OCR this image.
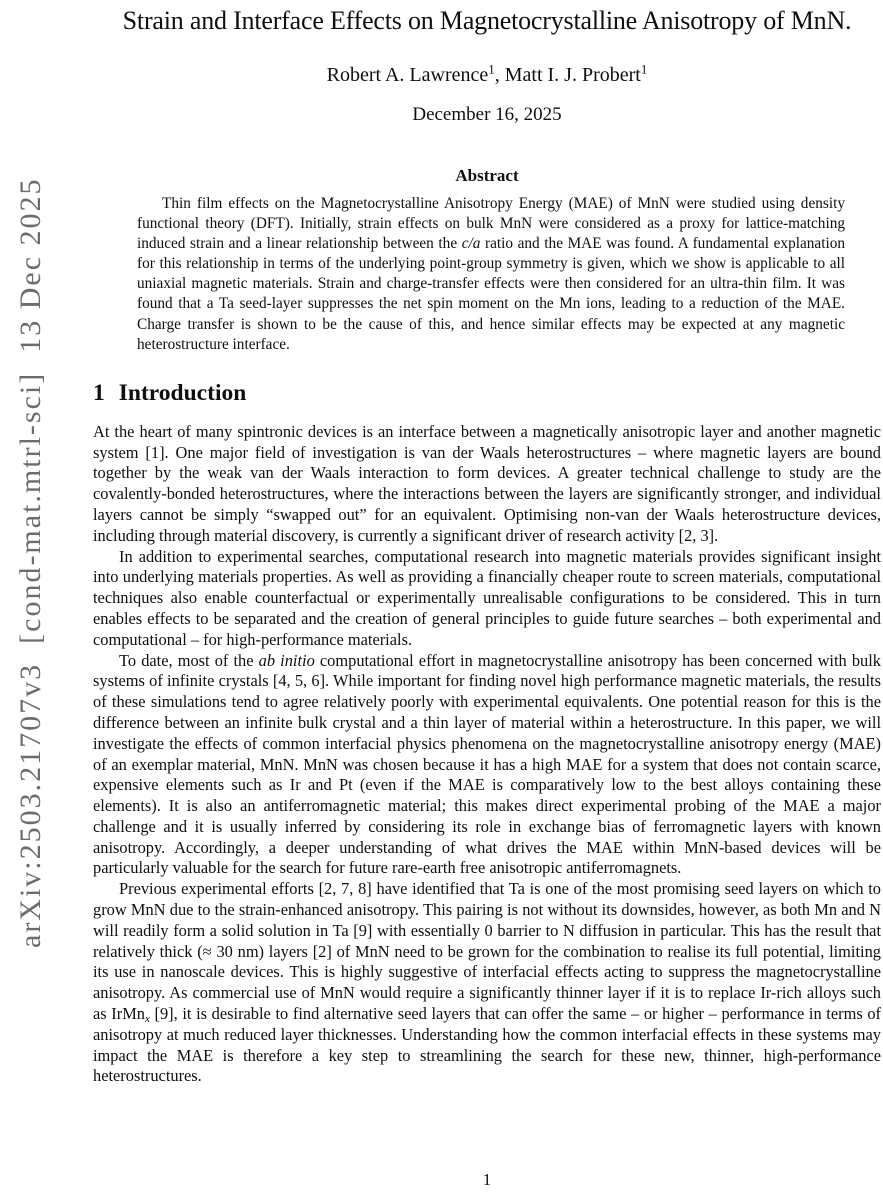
arXiv:2503.21707v3  [cond-mat.mtrl-sci]  13 Dec 2025
Strain and Interface Effects on Magnetocrystalline Anisotropy of MnN.
Robert A. Lawrence$^1$, Matt I. J. Probert$^1$
December 16, 2025
Abstract
Thin film effects on the Magnetocrystalline Anisotropy Energy (MAE) of MnN were studied using density functional theory (DFT). Initially, strain effects on bulk MnN were considered as a proxy for lattice-matching induced strain and a linear relationship between the c/a ratio and the MAE was found. A fundamental explanation for this relationship in terms of the underlying point-group symmetry is given, which we show is applicable to all uniaxial magnetic materials. Strain and charge-transfer effects were then considered for an ultra-thin film. It was found that a Ta seed-layer suppresses the net spin moment on the Mn ions, leading to a reduction of the MAE. Charge transfer is shown to be the cause of this, and hence similar effects may be expected at any magnetic heterostructure interface.
1 Introduction

At the heart of many spintronic devices is an interface between a magnetically anisotropic layer and another magnetic system [1]. One major field of investigation is van der Waals heterostructures – where magnetic layers are bound together by the weak van der Waals interaction to form devices. A greater technical challenge to study are the covalently-bonded heterostructures, where the interactions between the layers are significantly stronger, and individual layers cannot be simply “swapped out” for an equivalent. Optimising non-van der Waals heterostructure devices, including through material discovery, is currently a significant driver of research activity [2, 3].

In addition to experimental searches, computational research into magnetic materials provides significant insight into underlying materials properties. As well as providing a financially cheaper route to screen materials, computational techniques also enable counterfactual or experimentally unrealisable configurations to be considered. This in turn enables effects to be separated and the creation of general principles to guide future searches – both experimental and computational – for high-performance materials.

To date, most of the ab initio computational effort in magnetocrystalline anisotropy has been concerned with bulk systems of infinite crystals [4, 5, 6]. While important for finding novel high performance magnetic materials, the results of these simulations tend to agree relatively poorly with experimental equivalents. One potential reason for this is the difference between an infinite bulk crystal and a thin layer of material within a heterostructure. In this paper, we will investigate the effects of common interfacial physics phenomena on the magnetocrystalline anisotropy energy (MAE) of an exemplar material, MnN. MnN was chosen because it has a high MAE for a system that does not contain scarce, expensive elements such as Ir and Pt (even if the MAE is comparatively low to the best alloys containing these elements). It is also an antiferromagnetic material; this makes direct experimental probing of the MAE a major challenge and it is usually inferred by considering its role in exchange bias of ferromagnetic layers with known anisotropy. Accordingly, a deeper understanding of what drives the MAE within MnN-based devices will be particularly valuable for the search for future rare-earth free anisotropic antiferromagnets.

Previous experimental efforts [2, 7, 8] have identified that Ta is one of the most promising seed layers on which to grow MnN due to the strain-enhanced anisotropy. This pairing is not without its downsides, however, as both Mn and N will readily form a solid solution in Ta [9] with essentially 0 barrier to N diffusion in particular. This has the result that relatively thick (≈ 30 nm) layers [2] of MnN need to be grown for the combination to realise its full potential, limiting its use in nanoscale devices. This is highly suggestive of interfacial effects acting to suppress the magnetocrystalline anisotropy. As commercial use of MnN would require a significantly thinner layer if it is to replace Ir-rich alloys such as IrMnx [9], it is desirable to find alternative seed layers that can offer the same – or higher – performance in terms of anisotropy at much reduced layer thicknesses. Understanding how the common interfacial effects in these systems may impact the MAE is therefore a key step to streamlining the search for these new, thinner, high-performance heterostructures.

1
